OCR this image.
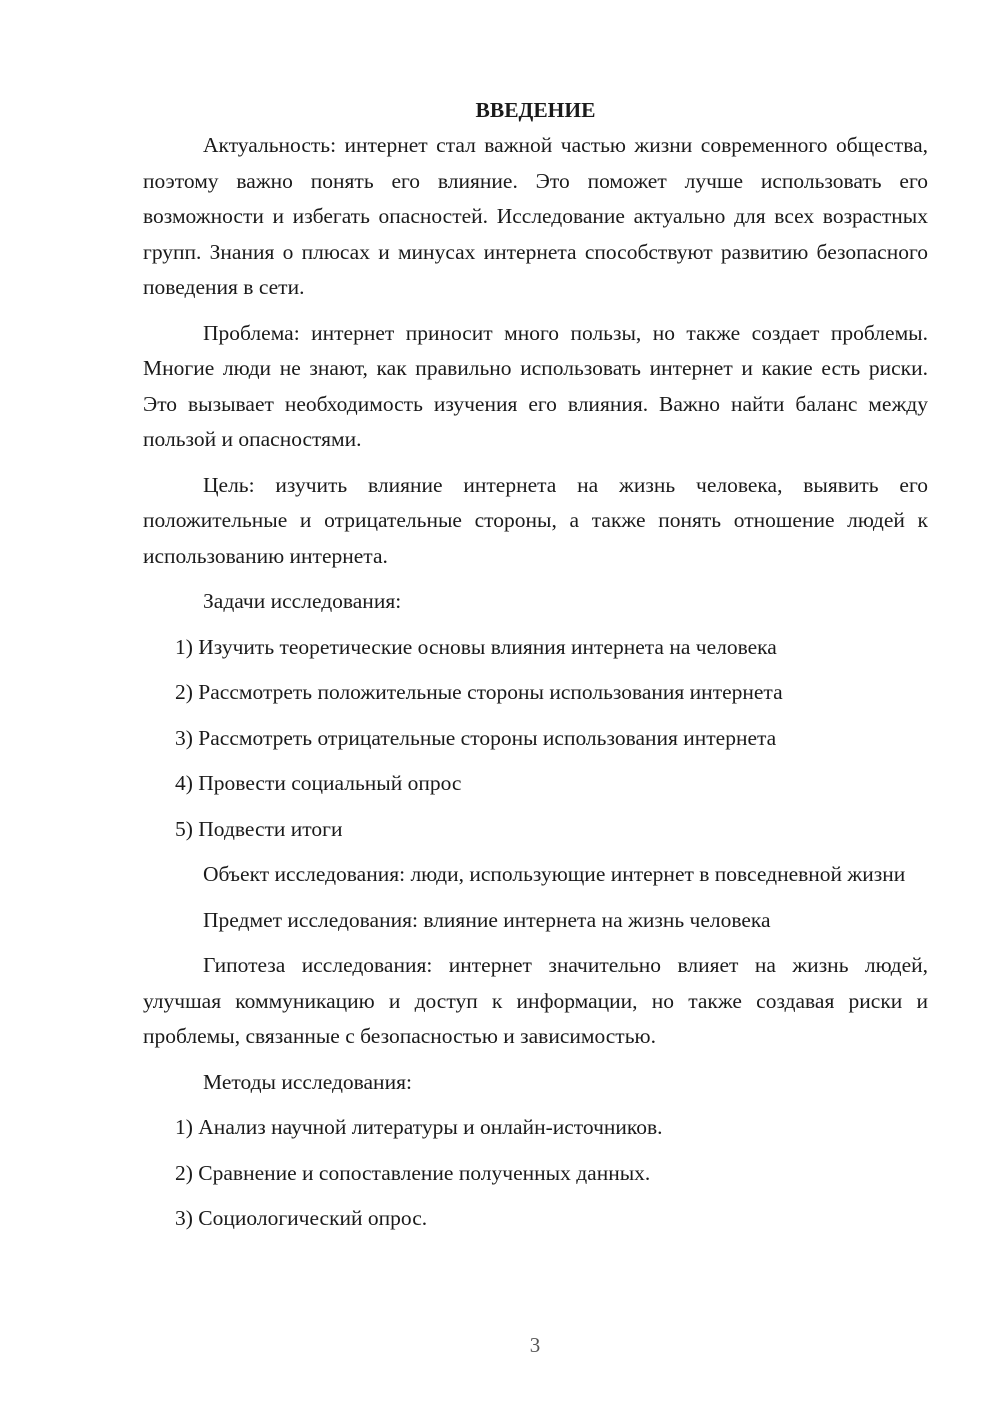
ВВЕДЕНИЕ

Актуальность: интернет стал важной частью жизни современного общества, поэтому важно понять его влияние. Это поможет лучше использовать его возможности и избегать опасностей. Исследование актуально для всех возрастных групп. Знания о плюсах и минусах интернета способствуют развитию безопасного поведения в сети.

Проблема: интернет приносит много пользы, но также создает проблемы. Многие люди не знают, как правильно использовать интернет и какие есть риски. Это вызывает необходимость изучения его влияния. Важно найти баланс между пользой и опасностями.

Цель: изучить влияние интернета на жизнь человека, выявить его положительные и отрицательные стороны, а также понять отношение людей к использованию интернета.

Задачи исследования:

1) Изучить теоретические основы влияния интернета на человека
2) Рассмотреть положительные стороны использования интернета
3) Рассмотреть отрицательные стороны использования интернета
4) Провести социальный опрос
5) Подвести итоги

Объект исследования: люди, использующие интернет в повседневной жизни

Предмет исследования: влияние интернета на жизнь человека

Гипотеза исследования: интернет значительно влияет на жизнь людей, улучшая коммуникацию и доступ к информации, но также создавая риски и проблемы, связанные с безопасностью и зависимостью.

Методы исследования:

1) Анализ научной литературы и онлайн-источников.
2) Сравнение и сопоставление полученных данных.
3) Социологический опрос.
3
